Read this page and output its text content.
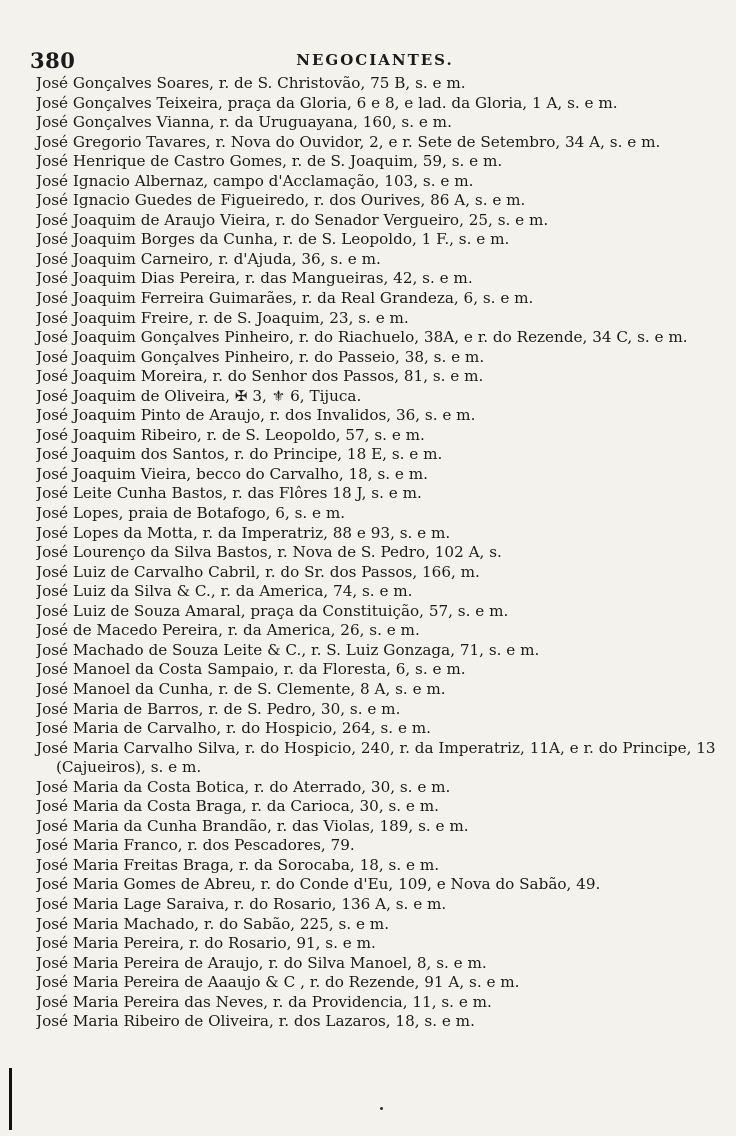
380	NEGOCIANTES.
José Gonçalves Soares, r. de S. Christovão, 75 B, s. e m.
José Gonçalves Teixeira, praça da Gloria, 6 e 8, e lad. da Gloria, 1 A, s. e m.
José Gonçalves Vianna, r. da Uruguayana, 160, s. e m.
José Gregorio Tavares, r. Nova do Ouvidor, 2, e r. Sete de Setembro, 34 A, s. e m.
José Henrique de Castro Gomes, r. de S. Joaquim, 59, s. e m.
José Ignacio Albernaz, campo d'Acclamação, 103, s. e m.
José Ignacio Guedes de Figueiredo, r. dos Ourives, 86 A, s. e m.
José Joaquim de Araujo Vieira, r. do Senador Vergueiro, 25, s. e m.
José Joaquim Borges da Cunha, r. de S. Leopoldo, 1 F., s. e m.
José Joaquim Carneiro, r. d'Ajuda, 36, s. e m.
José Joaquim Dias Pereira, r. das Mangueiras, 42, s. e m.
José Joaquim Ferreira Guimarães, r. da Real Grandeza, 6, s. e m.
José Joaquim Freire, r. de S. Joaquim, 23, s. e m.
José Joaquim Gonçalves Pinheiro, r. do Riachuelo, 38A, e r. do Rezende, 34 C, s. e m.
José Joaquim Gonçalves Pinheiro, r. do Passeio, 38, s. e m.
José Joaquim Moreira, r. do Senhor dos Passos, 81, s. e m.
José Joaquim de Oliveira, ✠ 3, ⚜ 6, Tijuca.
José Joaquim Pinto de Araujo, r. dos Invalidos, 36, s. e m.
José Joaquim Ribeiro, r. de S. Leopoldo, 57, s. e m.
José Joaquim dos Santos, r. do Principe, 18 E, s. e m.
José Joaquim Vieira, becco do Carvalho, 18, s. e m.
José Leite Cunha Bastos, r. das Flôres 18 J, s. e m.
José Lopes, praia de Botafogo, 6, s. e m.
José Lopes da Motta, r. da Imperatriz, 88 e 93, s. e m.
José Lourenço da Silva Bastos, r. Nova de S. Pedro, 102 A, s.
José Luiz de Carvalho Cabril, r. do Sr. dos Passos, 166, m.
José Luiz da Silva & C., r. da America, 74, s. e m.
José Luiz de Souza Amaral, praça da Constituição, 57, s. e m.
José de Macedo Pereira, r. da America, 26, s. e m.
José Machado de Souza Leite & C., r. S. Luiz Gonzaga, 71, s. e m.
José Manoel da Costa Sampaio, r. da Floresta, 6, s. e m.
José Manoel da Cunha, r. de S. Clemente, 8 A, s. e m.
José Maria de Barros, r. de S. Pedro, 30, s. e m.
José Maria de Carvalho, r. do Hospicio, 264, s. e m.
José Maria Carvalho Silva, r. do Hospicio, 240, r. da Imperatriz, 11A, e r. do Principe, 13 (Cajueiros), s. e m.
José Maria da Costa Botica, r. do Aterrado, 30, s. e m.
José Maria da Costa Braga, r. da Carioca, 30, s. e m.
José Maria da Cunha Brandão, r. das Violas, 189, s. e m.
José Maria Franco, r. dos Pescadores, 79.
José Maria Freitas Braga, r. da Sorocaba, 18, s. e m.
José Maria Gomes de Abreu, r. do Conde d'Eu, 109, e Nova do Sabão, 49.
José Maria Lage Saraiva, r. do Rosario, 136 A, s. e m.
José Maria Machado, r. do Sabão, 225, s. e m.
José Maria Pereira, r. do Rosario, 91, s. e m.
José Maria Pereira de Araujo, r. do Silva Manoel, 8, s. e m.
José Maria Pereira de Aaaujo & C , r. do Rezende, 91 A, s. e m.
José Maria Pereira das Neves, r. da Providencia, 11, s. e m.
José Maria Ribeiro de Oliveira, r. dos Lazaros, 18, s. e m.
